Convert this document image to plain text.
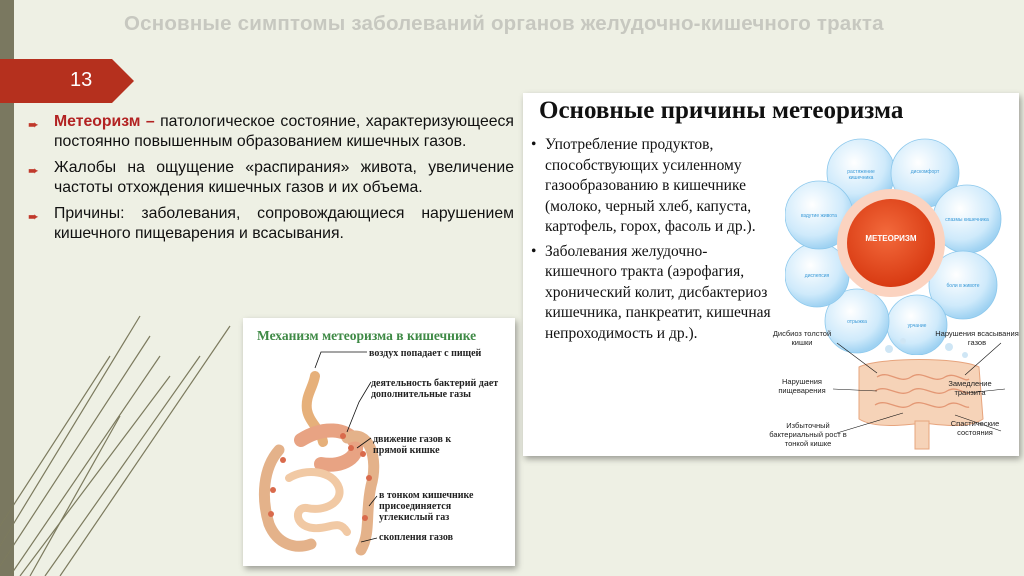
Основные симптомы заболеваний органов желудочно-кишечного тракта
13
➨ Метеоризм – патологическое состояние, характеризующееся постоянно повышенным образованием кишечных газов.
➨ Жалобы на ощущение «распирания» живота, увеличение частоты отхождения кишечных газов и их объема.
➨ Причины: заболевания, сопровождающиеся нарушением кишечного пищеварения и всасывания.
Механизм метеоризма в кишечнике
воздух попадает с пищей
деятельность бактерий дает дополнительные газы
движение газов к прямой кишке
в тонком кишечнике присоединяется углекислый газ
скопления газов
Основные причины метеоризма
• Употребление продуктов, способствующих усиленному газообразованию в кишечнике (молоко, черный хлеб, капуста, картофель, горох, фасоль и др.).
• Заболевания желудочно-кишечного тракта (аэрофагия, хронический колит, дисбактериоз кишечника, панкреатит, кишечная непроходимость и др.).
МЕТЕОРИЗМ
растяжение кишечника
дискомфорт
спазмы кишечника
боли в животе
урчание
отрыжка
диспепсия
вздутие живота
Дисбиоз толстой кишки
Нарушения всасывания газов
Нарушения пищеварения
Замедление транзита
Избыточный бактериальный рост в тонкой кишке
Спастические состояния
